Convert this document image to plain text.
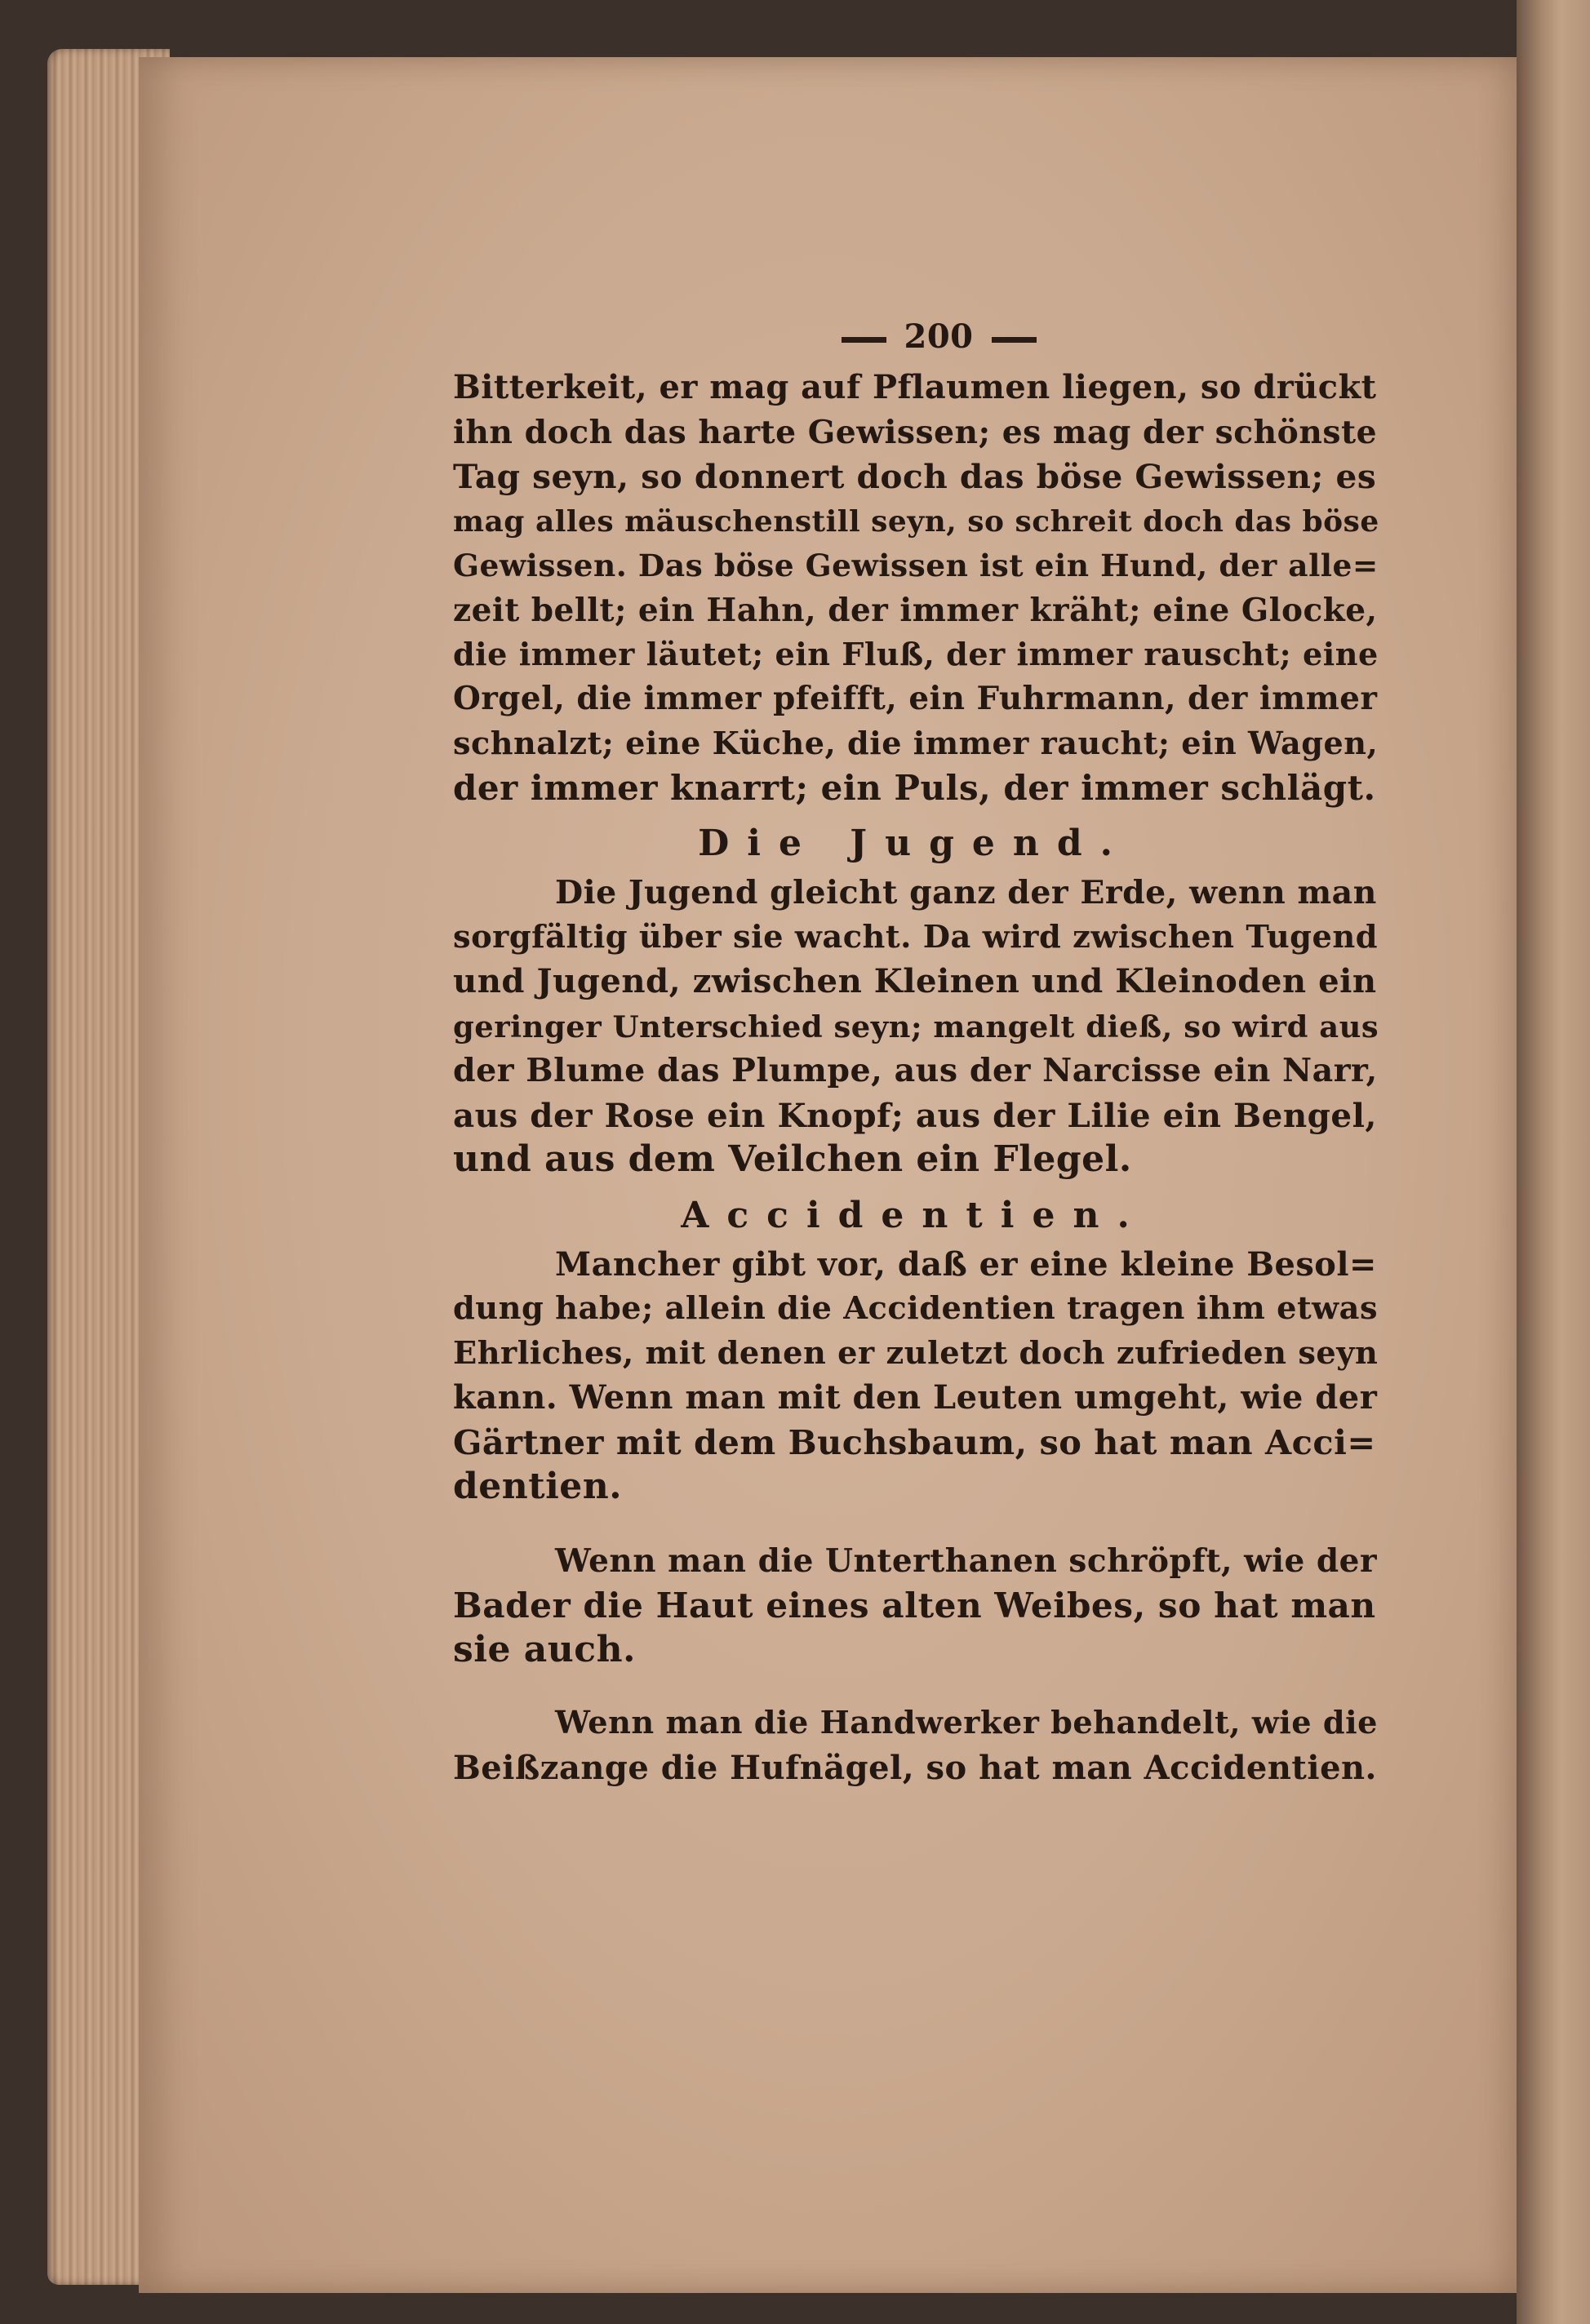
200
Bitterkeit, er mag auf Pflaumen liegen, so drückt
ihn doch das harte Gewissen; es mag der schönste
Tag seyn, so donnert doch das böse Gewissen; es
mag alles mäuschenstill seyn, so schreit doch das böse
Gewissen. Das böse Gewissen ist ein Hund, der alle=
zeit bellt; ein Hahn, der immer kräht; eine Glocke,
die immer läutet; ein Fluß, der immer rauscht; eine
Orgel, die immer pfeifft, ein Fuhrmann, der immer
schnalzt; eine Küche, die immer raucht; ein Wagen,
der immer knarrt; ein Puls, der immer schlägt.
Die Jugend.
Die Jugend gleicht ganz der Erde, wenn man
sorgfältig über sie wacht. Da wird zwischen Tugend
und Jugend, zwischen Kleinen und Kleinoden ein
geringer Unterschied seyn; mangelt dieß, so wird aus
der Blume das Plumpe, aus der Narcisse ein Narr,
aus der Rose ein Knopf; aus der Lilie ein Bengel,
und aus dem Veilchen ein Flegel.
Accidentien.
Mancher gibt vor, daß er eine kleine Besol=
dung habe; allein die Accidentien tragen ihm etwas
Ehrliches, mit denen er zuletzt doch zufrieden seyn
kann. Wenn man mit den Leuten umgeht, wie der
Gärtner mit dem Buchsbaum, so hat man Acci=
dentien.
Wenn man die Unterthanen schröpft, wie der
Bader die Haut eines alten Weibes, so hat man
sie auch.
Wenn man die Handwerker behandelt, wie die
Beißzange die Hufnägel, so hat man Accidentien.
